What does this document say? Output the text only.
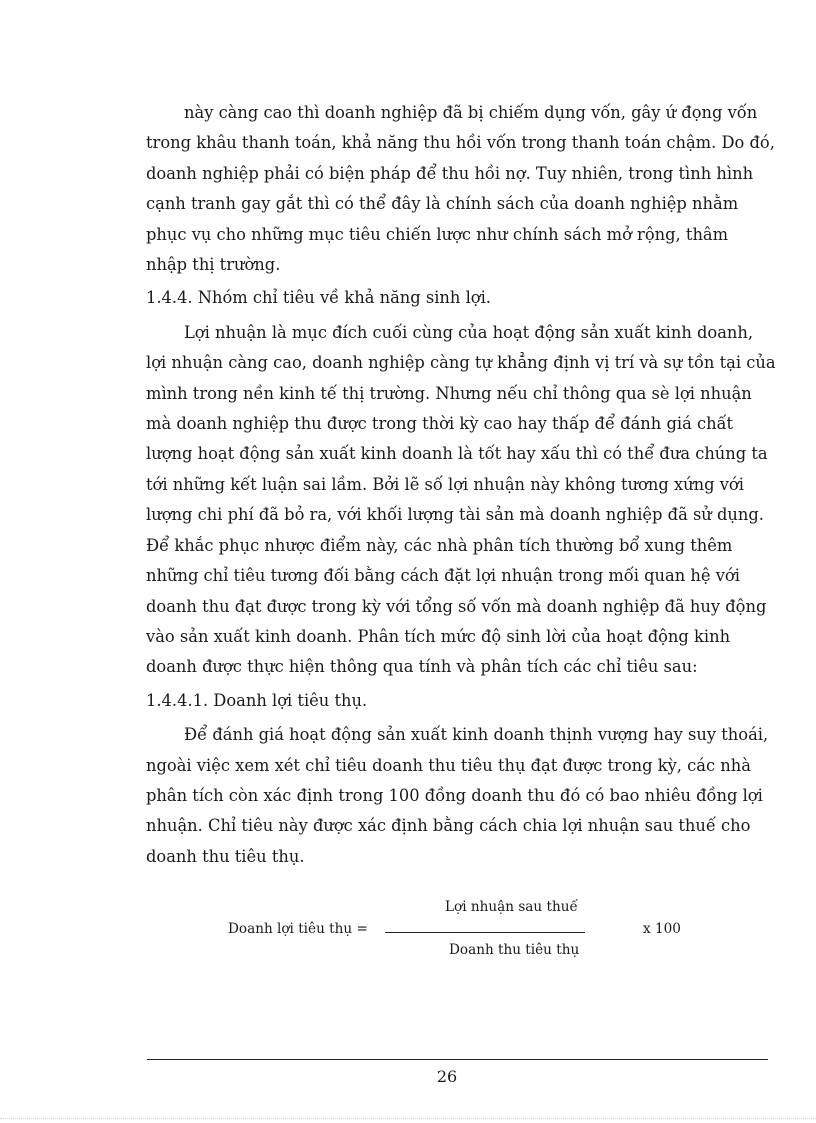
này càng cao thì doanh nghiệp đã bị chiếm dụng vốn, gây ứ đọng vốn
trong khâu thanh toán, khả năng thu hồi vốn trong thanh toán chậm. Do đó,
doanh nghiệp phải có biện pháp để thu hồi nợ. Tuy nhiên, trong tình hình
cạnh tranh gay gắt thì có thể đây là chính sách của doanh nghiệp nhằm
phục vụ cho những mục tiêu chiến lược như chính sách mở rộng, thâm
nhập thị trường.

1.4.4. Nhóm chỉ tiêu về khả năng sinh lợi.

Lợi nhuận là mục đích cuối cùng của hoạt động sản xuất kinh doanh,
lợi nhuận càng cao, doanh nghiệp càng tự khẳng định vị trí và sự tồn tại của
mình trong nền kinh tế thị trường. Nhưng nếu chỉ thông qua sè lợi nhuận
mà doanh nghiệp thu được trong thời kỳ cao hay thấp để đánh giá chất
lượng hoạt động sản xuất kinh doanh là tốt hay xấu thì có thể đưa chúng ta
tới những kết luận sai lầm. Bởi lẽ số lợi nhuận này không tương xứng với
lượng chi phí đã bỏ ra, với khối lượng tài sản mà doanh nghiệp đã sử dụng.
Để khắc phục nhược điểm này, các nhà phân tích thường bổ xung thêm
những chỉ tiêu tương đối bằng cách đặt lợi nhuận trong mối quan hệ với
doanh thu đạt được trong kỳ với tổng số vốn mà doanh nghiệp đã huy động
vào sản xuất kinh doanh. Phân tích mức độ sinh lời của hoạt động kinh
doanh được thực hiện thông qua tính và phân tích các chỉ tiêu sau:

1.4.4.1. Doanh lợi tiêu thụ.

Để đánh giá hoạt động sản xuất kinh doanh thịnh vượng hay suy thoái,
ngoài việc xem xét chỉ tiêu doanh thu tiêu thụ đạt được trong kỳ, các nhà
phân tích còn xác định trong 100 đồng doanh thu đó có bao nhiêu đồng lợi
nhuận. Chỉ tiêu này được xác định bằng cách chia lợi nhuận sau thuế cho
doanh thu tiêu thụ.

Doanh lợi tiêu thụ =
Lợi nhuận sau thuế
Doanh thu tiêu thụ
x 100
26
